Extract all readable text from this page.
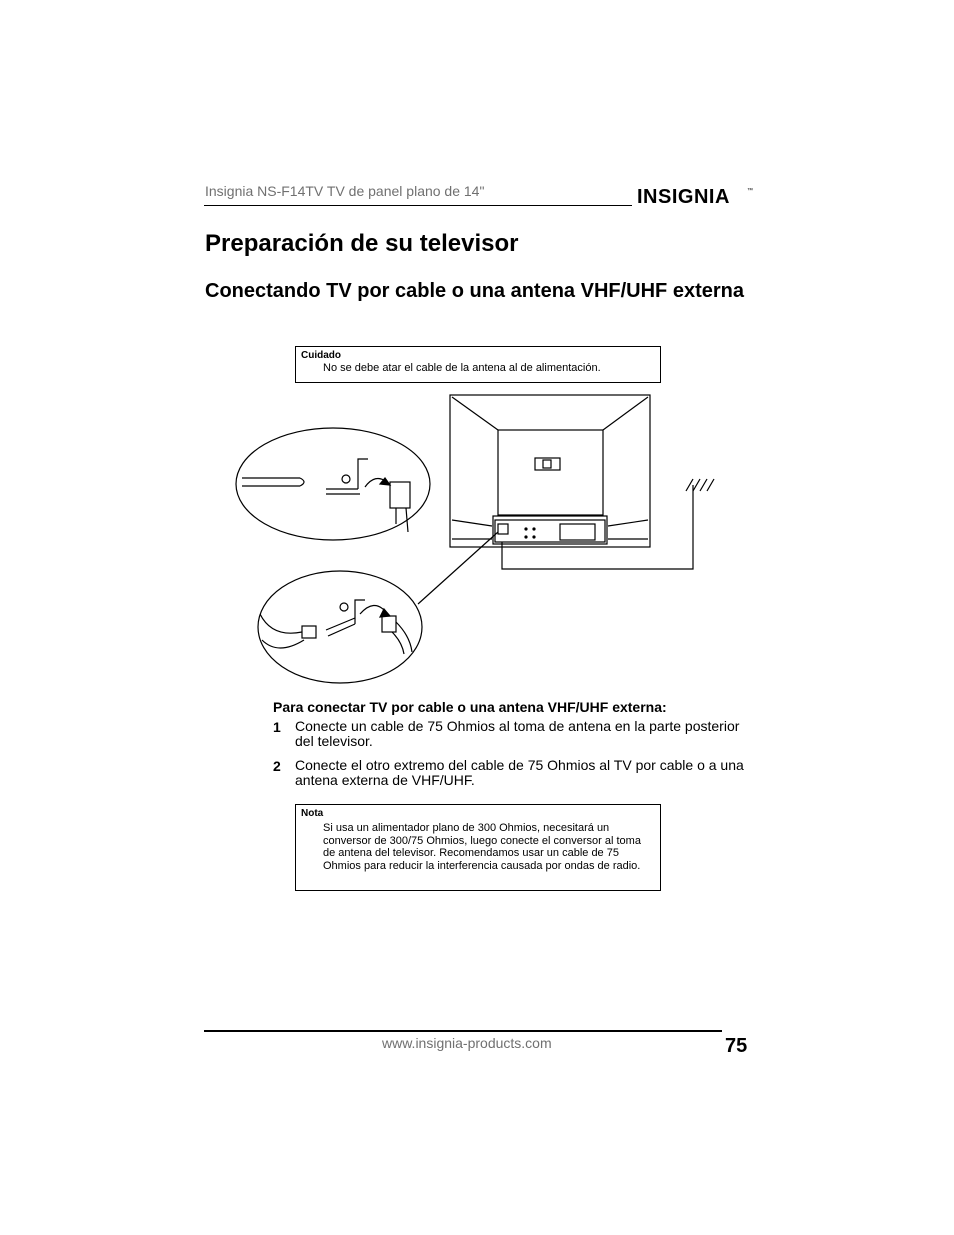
Insignia NS-F14TV TV de panel plano de 14"	INSIGNIA	™
Preparación de su televisor
Conectando TV por cable o una antena VHF/UHF externa
Cuidado
No se debe atar el cable de la antena al de alimentación.
Para conectar TV por cable o una antena VHF/UHF externa:
1 Conecte un cable de 75 Ohmios al toma de antena en la parte posterior del televisor.
2 Conecte el otro extremo del cable de 75 Ohmios al TV por cable o a una antena externa de VHF/UHF.
Nota
Si usa un alimentador plano de 300 Ohmios, necesitará un conversor de 300/75 Ohmios, luego conecte el conversor al toma de antena del televisor. Recomendamos usar un cable de 75 Ohmios para reducir la interferencia causada por ondas de radio.
www.insignia-products.com	75
